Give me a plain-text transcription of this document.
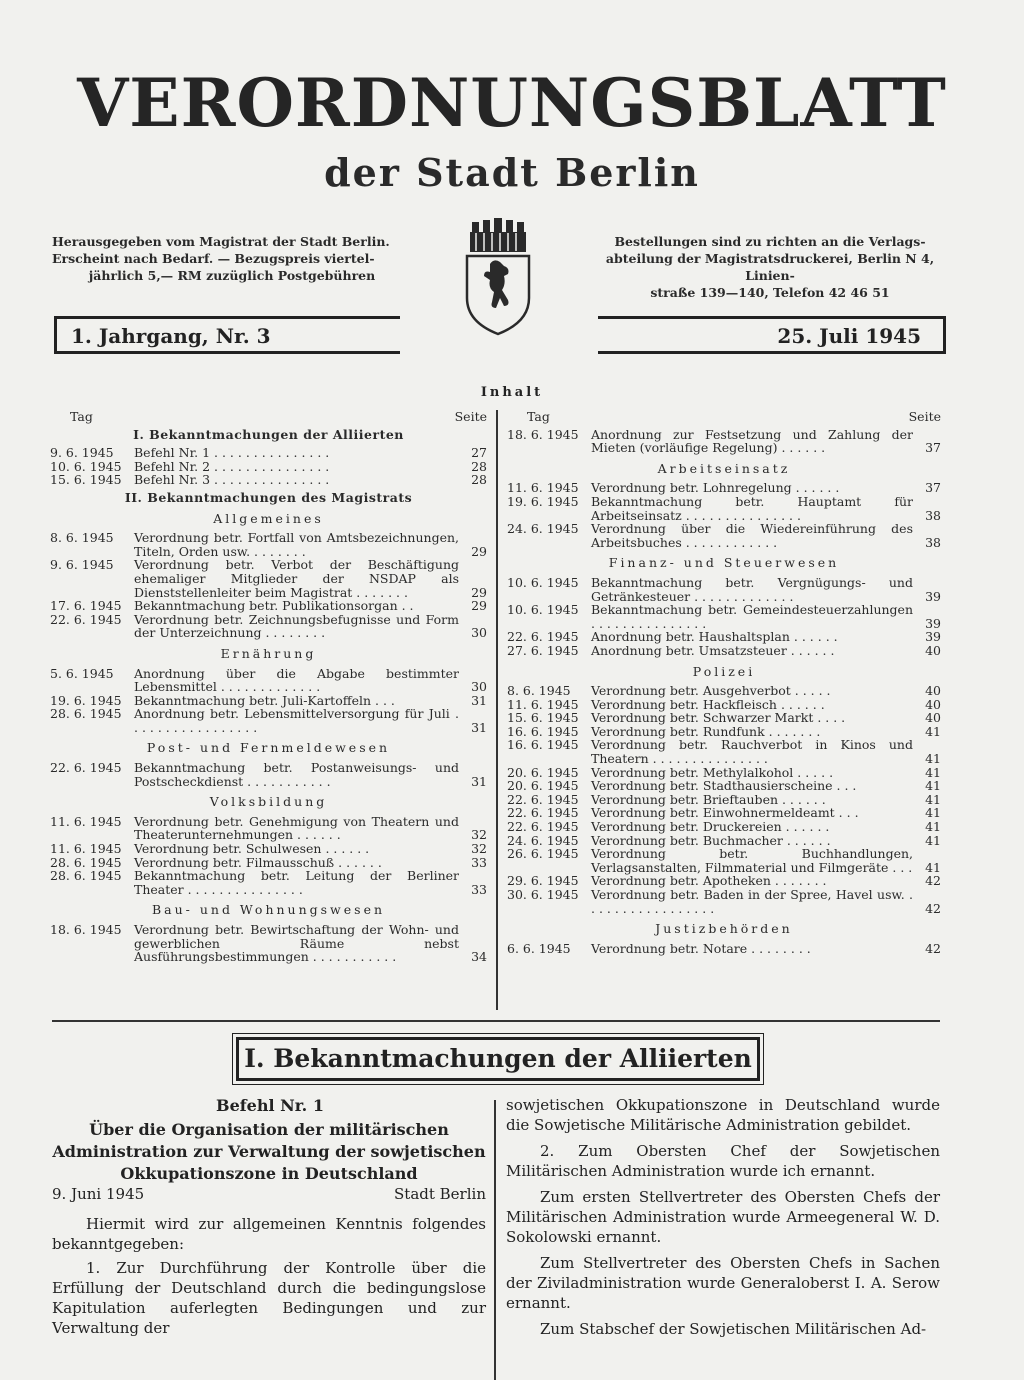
VERORDNUNGSBLATT
der Stadt Berlin
Herausgegeben vom Magistrat der Stadt Berlin.
Erscheint nach Bedarf. — Bezugspreis viertel-
jährlich 5,— RM zuzüglich Postgebühren
Bestellungen sind zu richten an die Verlags-
abteilung der Magistratsdruckerei, Berlin N 4, Linien-
straße 139—140, Telefon 42 46 51
1. Jahrgang, Nr. 3	25. Juli 1945
Inhalt
Tag	Seite
I. Bekanntmachungen der Alliierten
9. 6. 1945	Befehl Nr. 1 . . . . . . . . . . . . . . .	27
10. 6. 1945 Befehl Nr. 2 . . . . . . . . . . . . . . .	28
15. 6. 1945 Befehl Nr. 3 . . . . . . . . . . . . . . .	28
II. Bekanntmachungen des Magistrats
Allgemeines
8. 6. 1945	Verordnung betr. Fortfall von Amtsbezeichnungen, Titeln, Orden usw. . . . . . . .	29
9. 6. 1945	Verordnung betr. Verbot der Beschäftigung ehemaliger Mitglieder der NSDAP als Dienststellenleiter beim Magistrat . . . . . . .	29
17. 6. 1945 Bekanntmachung betr. Publikationsorgan . .	29
22. 6. 1945 Verordnung betr. Zeichnungsbefugnisse und Form der Unterzeichnung . . . . . . . .	30
Ernährung
5. 6. 1945	Anordnung über die Abgabe bestimmter Lebensmittel . . . . . . . . . . . . .	30
19. 6. 1945 Bekanntmachung betr. Juli-Kartoffeln . . .	31
28. 6. 1945 Anordnung betr. Lebensmittelversorgung für Juli . . . . . . . . . . . . . . . . .	31
Post- und Fernmeldewesen
22. 6. 1945 Bekanntmachung betr. Postanweisungs- und Postscheckdienst . . . . . . . . . . .	31
Volksbildung
11. 6. 1945 Verordnung betr. Genehmigung von Theatern und Theaterunternehmungen . . . . . .	32
11. 6. 1945 Verordnung betr. Schulwesen . . . . . .	32
28. 6. 1945 Verordnung betr. Filmausschuß . . . . . .	33
28. 6. 1945 Bekanntmachung betr. Leitung der Berliner Theater . . . . . . . . . . . . . . .	33
Bau- und Wohnungswesen
18. 6. 1945 Verordnung betr. Bewirtschaftung der Wohn- und gewerblichen Räume nebst Ausführungsbestimmungen . . . . . . . . . . .	34
Tag	Seite
18. 6. 1945 Anordnung zur Festsetzung und Zahlung der Mieten (vorläufige Regelung) . . . . . .	37
Arbeitseinsatz
11. 6. 1945 Verordnung betr. Lohnregelung . . . . . .	37
19. 6. 1945 Bekanntmachung betr. Hauptamt für Arbeitseinsatz . . . . . . . . . . . . . . .	38
24. 6. 1945 Verordnung über die Wiedereinführung des Arbeitsbuches . . . . . . . . . . . .	38
Finanz- und Steuerwesen
10. 6. 1945 Bekanntmachung betr. Vergnügungs- und Getränkesteuer . . . . . . . . . . . . .	39
10. 6. 1945 Bekanntmachung betr. Gemeindesteuerzahlungen . . . . . . . . . . . . . . .	39
22. 6. 1945 Anordnung betr. Haushaltsplan . . . . . .	39
27. 6. 1945 Anordnung betr. Umsatzsteuer . . . . . .	40
Polizei
8. 6. 1945	Verordnung betr. Ausgehverbot . . . . .	40
11. 6. 1945 Verordnung betr. Hackfleisch . . . . . .	40
15. 6. 1945 Verordnung betr. Schwarzer Markt . . . .	40
16. 6. 1945 Verordnung betr. Rundfunk . . . . . . .	41
16. 6. 1945 Verordnung betr. Rauchverbot in Kinos und Theatern . . . . . . . . . . . . . . .	41
20. 6. 1945 Verordnung betr. Methylalkohol . . . . .	41
20. 6. 1945 Verordnung betr. Stadthausierscheine . . .	41
22. 6. 1945 Verordnung betr. Brieftauben . . . . . .	41
22. 6. 1945 Verordnung betr. Einwohnermeldeamt . . .	41
22. 6. 1945 Verordnung betr. Druckereien . . . . . .	41
24. 6. 1945 Verordnung betr. Buchmacher . . . . . .	41
26. 6. 1945 Verordnung betr. Buchhandlungen, Verlagsanstalten, Filmmaterial und Filmgeräte . . .	41
29. 6. 1945 Verordnung betr. Apotheken . . . . . . .	42
30. 6. 1945 Verordnung betr. Baden in der Spree, Havel usw. . . . . . . . . . . . . . . . . .	42
Justizbehörden
6. 6. 1945	Verordnung betr. Notare . . . . . . . .	42
I. Bekanntmachungen der Alliierten
Befehl Nr. 1
Über die Organisation der militärischen Administration zur Verwaltung der sowjetischen Okkupationszone in Deutschland
9. Juni 1945	Stadt Berlin

Hiermit wird zur allgemeinen Kenntnis folgendes bekanntgegeben:

1. Zur Durchführung der Kontrolle über die Erfüllung der Deutschland durch die bedingungslose Kapitulation auferlegten Bedingungen und zur Verwaltung der

sowjetischen Okkupationszone in Deutschland wurde die Sowjetische Militärische Administration gebildet.

2. Zum Obersten Chef der Sowjetischen Militärischen Administration wurde ich ernannt.

Zum ersten Stellvertreter des Obersten Chefs der Militärischen Administration wurde Armeegeneral W. D. Sokolowski ernannt.

Zum Stellvertreter des Obersten Chefs in Sachen der Ziviladministration wurde Generaloberst I. A. Serow ernannt.

Zum Stabschef der Sowjetischen Militärischen Ad-
